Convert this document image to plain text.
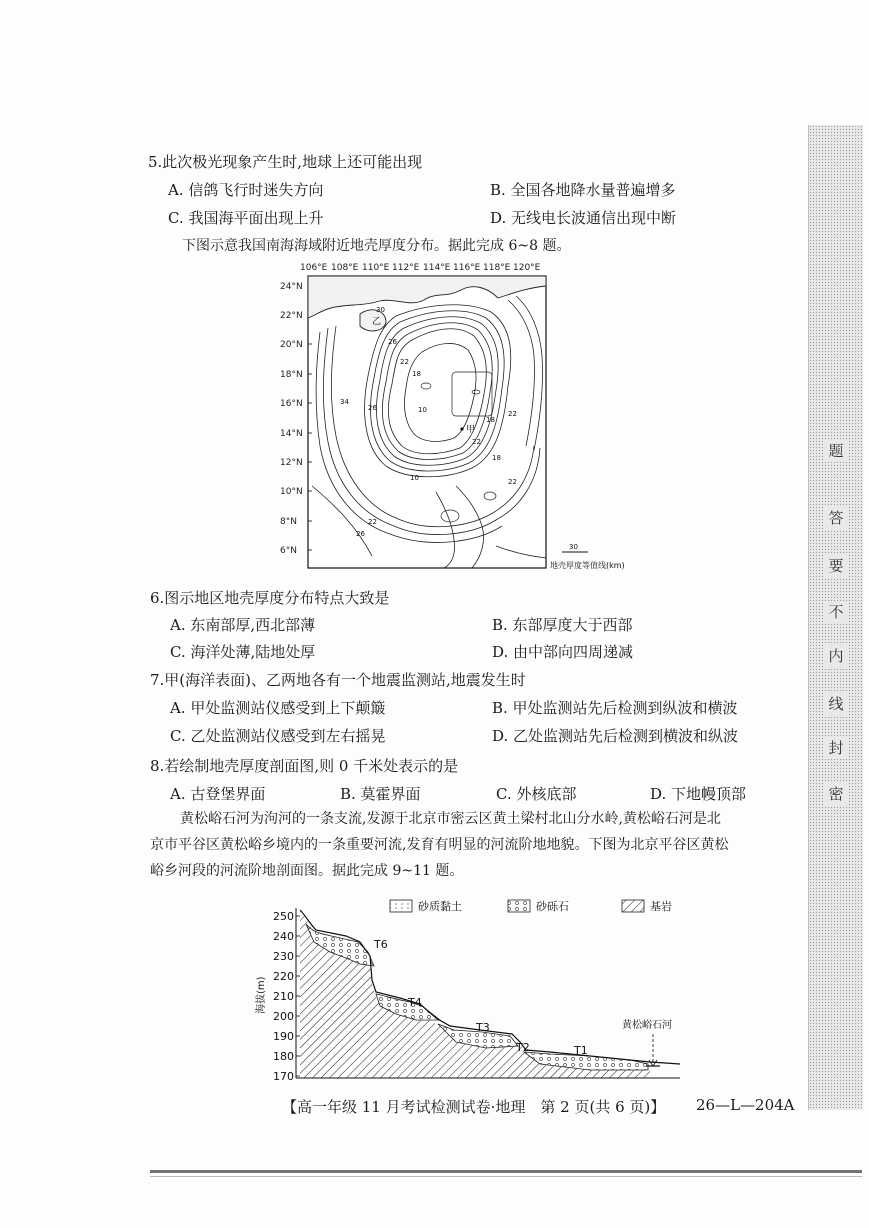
5.此次极光现象产生时,地球上还可能出现
A. 信鸽飞行时迷失方向	B. 全国各地降水量普遍增多
C. 我国海平面出现上升	D. 无线电长波通信出现中断
下图示意我国南海海域附近地壳厚度分布。据此完成 6~8 题。
106°E 108°E 110°E 112°E 114°E 116°E 118°E 120°E
24°N
22°N
20°N
18°N
16°N
14°N
12°N
10°N
8°N
6°N
30
26
22
18
10
34
26
22
18
22
10
22
26
18
22
甲
乙
30
地壳厚度等值线(km)
6.图示地区地壳厚度分布特点大致是
A. 东南部厚,西北部薄	B. 东部厚度大于西部
C. 海洋处薄,陆地处厚	D. 由中部向四周递减
7.甲(海洋表面)、乙两地各有一个地震监测站,地震发生时
A. 甲处监测站仪感受到上下颠簸	B. 甲处监测站先后检测到纵波和横波
C. 乙处监测站仪感受到左右摇晃	D. 乙处监测站先后检测到横波和纵波
8.若绘制地壳厚度剖面图,则 0 千米处表示的是
A. 古登堡界面	B. 莫霍界面	C. 外核底部	D. 下地幔顶部
黄松峪石河为泃河的一条支流,发源于北京市密云区黄土梁村北山分水岭,黄松峪石河是北
京市平谷区黄松峪乡境内的一条重要河流,发育有明显的河流阶地地貌。下图为北京平谷区黄松
峪乡河段的河流阶地剖面图。据此完成 9~11 题。
砂质黏土	砂砾石	基岩
250
240
230
220
210
200
190
180
170
海拔(m)
T6
T4
T3
T2	T1
黄松峪石河
【高一年级 11 月考试检测试卷·地理　第 2 页(共 6 页)】 26—L—204A
题
答
要
不
内
线
封
密
